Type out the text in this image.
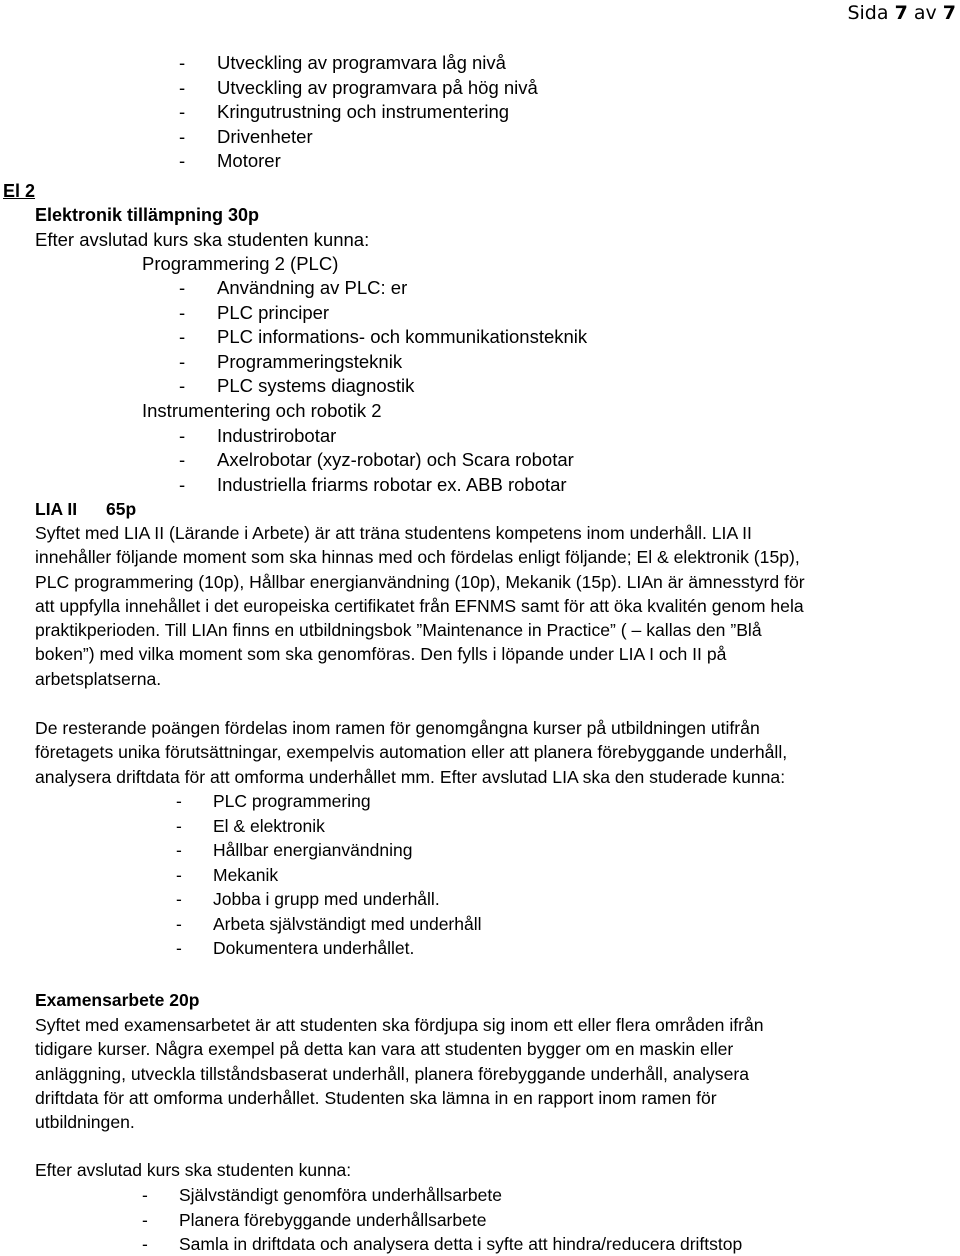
Sida 7 av 7
- Utveckling av programvara låg nivå
- Utveckling av programvara på hög nivå
- Kringutrustning och instrumentering
- Drivenheter
- Motorer
El 2
Elektronik tillämpning 30p
Efter avslutad kurs ska studenten kunna:
Programmering 2 (PLC)
- Användning av PLC: er
- PLC principer
- PLC informations- och kommunikationsteknik
- Programmeringsteknik
- PLC systems diagnostik
Instrumentering och robotik 2
- Industrirobotar
- Axelrobotar (xyz-robotar) och Scara robotar
- Industriella friarms robotar ex. ABB robotar
LIA II 65p
Syftet med LIA II (Lärande i Arbete) är att träna studentens kompetens inom underhåll. LIA II
innehåller följande moment som ska hinnas med och fördelas enligt följande; El & elektronik (15p),
PLC programmering (10p), Hållbar energianvändning (10p), Mekanik (15p). LIAn är ämnesstyrd för
att uppfylla innehållet i det europeiska certifikatet från EFNMS samt för att öka kvalitén genom hela
praktikperioden. Till LIAn finns en utbildningsbok ”Maintenance in Practice” ( – kallas den ”Blå
boken”) med vilka moment som ska genomföras. Den fylls i löpande under LIA I och II på
arbetsplatserna.
De resterande poängen fördelas inom ramen för genomgångna kurser på utbildningen utifrån
företagets unika förutsättningar, exempelvis automation eller att planera förebyggande underhåll,
analysera driftdata för att omforma underhållet mm. Efter avslutad LIA ska den studerade kunna:
- PLC programmering
- El & elektronik
- Hållbar energianvändning
- Mekanik
- Jobba i grupp med underhåll.
- Arbeta självständigt med underhåll
- Dokumentera underhållet.
Examensarbete 20p
Syftet med examensarbetet är att studenten ska fördjupa sig inom ett eller flera områden ifrån
tidigare kurser. Några exempel på detta kan vara att studenten bygger om en maskin eller
anläggning, utveckla tillståndsbaserat underhåll, planera förebyggande underhåll, analysera
driftdata för att omforma underhållet. Studenten ska lämna in en rapport inom ramen för
utbildningen.
Efter avslutad kurs ska studenten kunna:
- Självständigt genomföra underhållsarbete
- Planera förebyggande underhållsarbete
- Samla in driftdata och analysera detta i syfte att hindra/reducera driftstop
